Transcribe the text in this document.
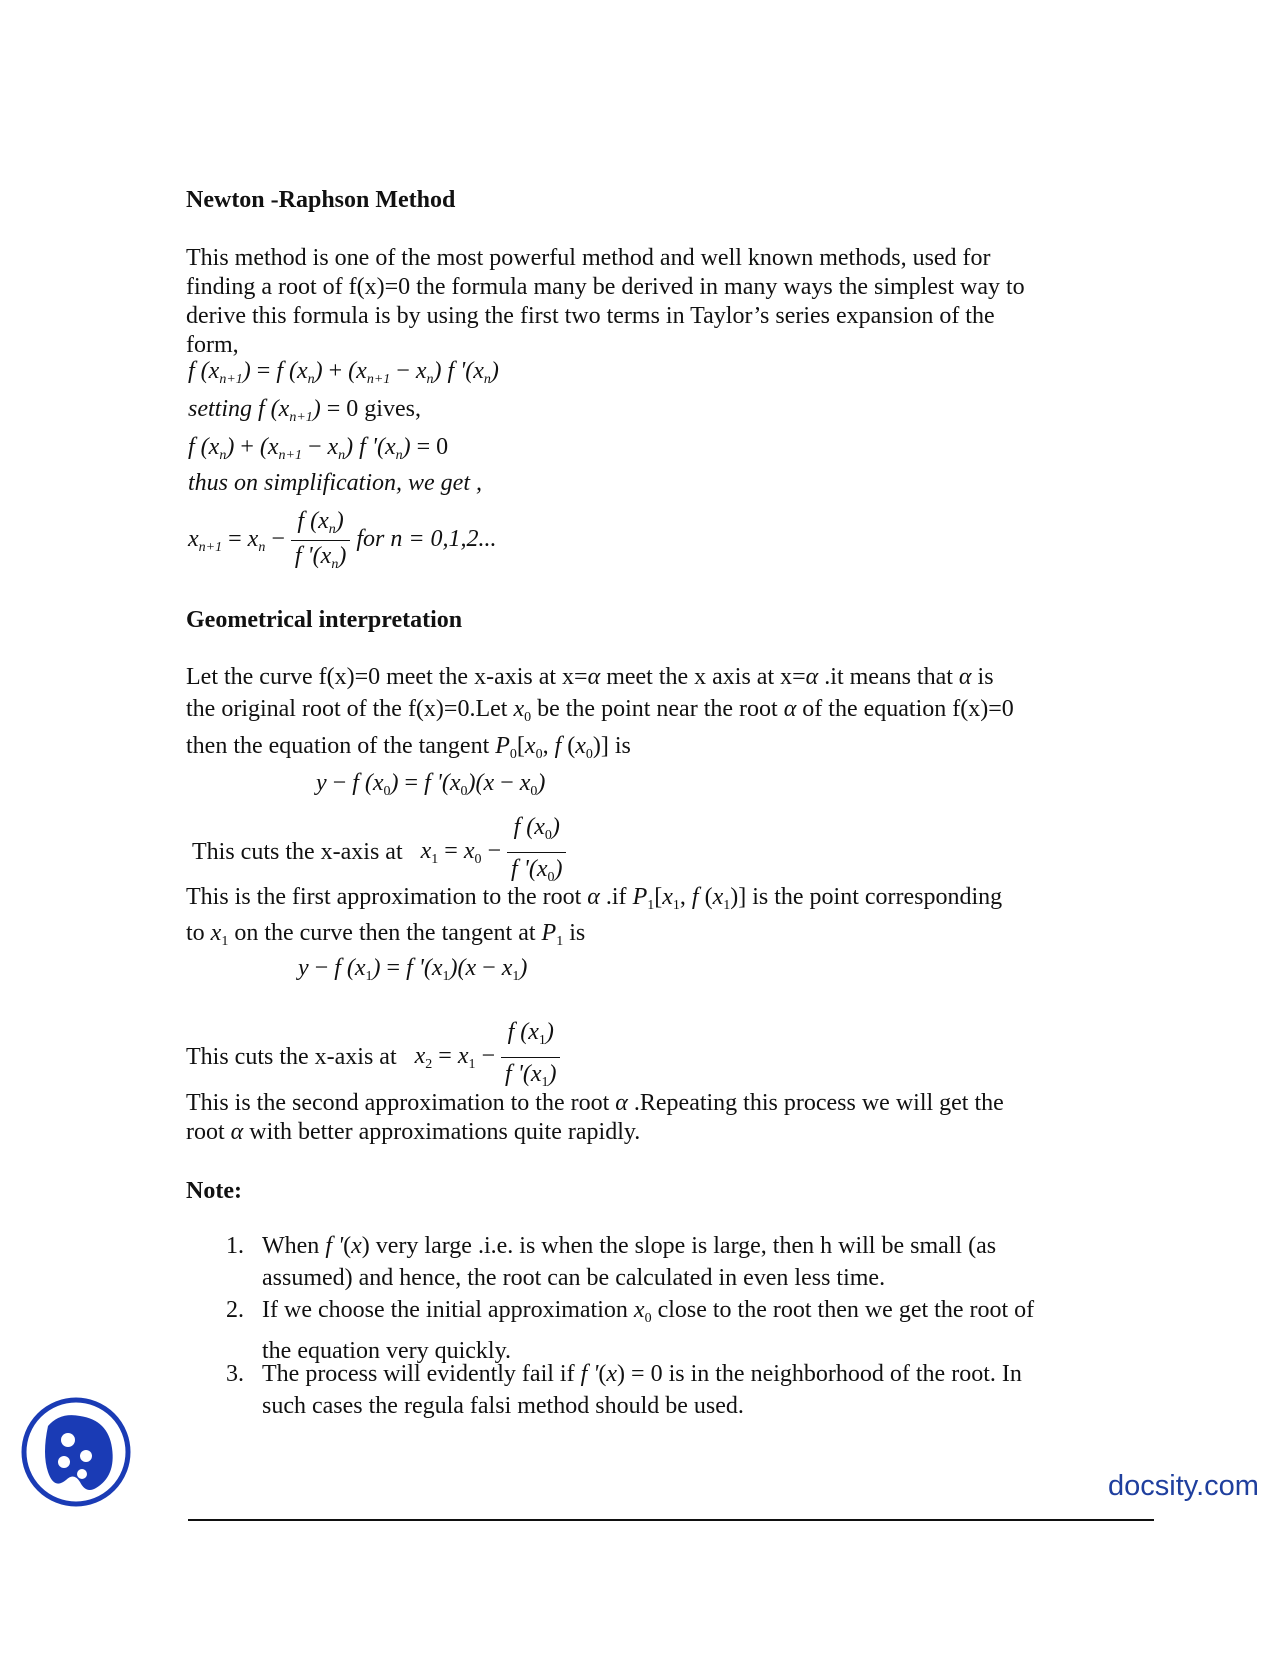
Newton -Raphson Method
This method is one of the most powerful method and well known methods, used for
finding a root of f(x)=0 the formula many be derived in many ways the simplest way to
derive this formula is by using the first two terms in Taylor’s series expansion of the
form,
f $(x_{n+1}) = f$ $(x_n) + (x_{n+1} - x_n)$ f '$(x_n)$
setting f $(x_{n+1}) = 0$ gives,
f $(x_n) + (x_{n+1} - x_n)$ f '$(x_n) = 0$
thus on simplification, we get ,
$x_{n+1} = x_n - \frac{f (x_n)}{f '(x_n)}$ for n = 0,1,2...
Geometrical interpretation
Let the curve f(x)=0 meet the x-axis at x=α meet the x axis at x=α .it means that α is
the original root of the f(x)=0.Let $x_0$ be the point near the root α of the equation f(x)=0
then the equation of the tangent $P_0[x_0$, f $(x_0)$] is
y − f $(x_0) = f$ '$(x_0)(x - x_0)$
This cuts the x-axis at $x_1 = x_0 - \frac{f (x_0)}{f '(x_0)}$
This is the first approximation to the root α .if $P_1[x_1$, f $(x_1)$] is the point corresponding
to $x_1$ on the curve then the tangent at $P_1$ is
y − f $(x_1) = f$ '$(x_1)(x - x_1)$
This cuts the x-axis at $x_2 = x_1 - \frac{f (x_1)}{f '(x_1)}$
This is the second approximation to the root α .Repeating this process we will get the
root α with better approximations quite rapidly.
Note:
1. When f '(x) very large .i.e. is when the slope is large, then h will be small (as
assumed) and hence, the root can be calculated in even less time.
2. If we choose the initial approximation $x_0$ close to the root then we get the root of
the equation very quickly.
3. The process will evidently fail if f '(x) = 0 is in the neighborhood of the root. In
such cases the regula falsi method should be used.
docsity.com
